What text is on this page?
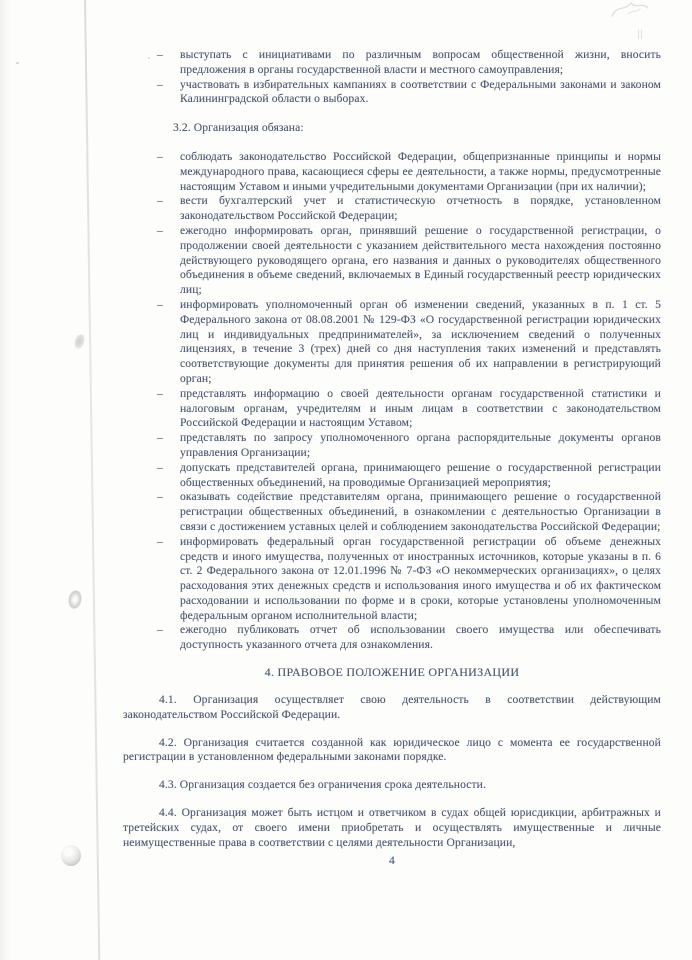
– выступать с инициативами по различным вопросам общественной жизни, вносить предложения в органы государственной власти и местного самоуправления;
– участвовать в избирательных кампаниях в соответствии с Федеральными законами и законом Калининградской области о выборах.

3.2. Организация обязана:

– соблюдать законодательство Российской Федерации, общепризнанные принципы и нормы международного права, касающиеся сферы ее деятельности, а также нормы, предусмотренные настоящим Уставом и иными учредительными документами Организации (при их наличии);
– вести бухгалтерский учет и статистическую отчетность в порядке, установленном законодательством Российской Федерации;
– ежегодно информировать орган, принявший решение о государственной регистрации, о продолжении своей деятельности с указанием действительного места нахождения постоянно действующего руководящего органа, его названия и данных о руководителях общественного объединения в объеме сведений, включаемых в Единый государственный реестр юридических лиц;
– информировать уполномоченный орган об изменении сведений, указанных в п. 1 ст. 5 Федерального закона от 08.08.2001 № 129-ФЗ «О государственной регистрации юридических лиц и индивидуальных предпринимателей», за исключением сведений о полученных лицензиях, в течение 3 (трех) дней со дня наступления таких изменений и представлять соответствующие документы для принятия решения об их направлении в регистрирующий орган;
– представлять информацию о своей деятельности органам государственной статистики и налоговым органам, учредителям и иным лицам в соответствии с законодательством Российской Федерации и настоящим Уставом;
– представлять по запросу уполномоченного органа распорядительные документы органов управления Организации;
– допускать представителей органа, принимающего решение о государственной регистрации общественных объединений, на проводимые Организацией мероприятия;
– оказывать содействие представителям органа, принимающего решение о государственной регистрации общественных объединений, в ознакомлении с деятельностью Организации в связи с достижением уставных целей и соблюдением законодательства Российской Федерации;
– информировать федеральный орган государственной регистрации об объеме денежных средств и иного имущества, полученных от иностранных источников, которые указаны в п. 6 ст. 2 Федерального закона от 12.01.1996 № 7-ФЗ «О некоммерческих организациях», о целях расходования этих денежных средств и использования иного имущества и об их фактическом расходовании и использовании по форме и в сроки, которые установлены уполномоченным федеральным органом исполнительной власти;
– ежегодно публиковать отчет об использовании своего имущества или обеспечивать доступность указанного отчета для ознакомления.
4. ПРАВОВОЕ ПОЛОЖЕНИЕ ОРГАНИЗАЦИИ

4.1. Организация осуществляет свою деятельность в соответствии действующим законодательством Российской Федерации.

4.2. Организация считается созданной как юридическое лицо с момента ее государственной регистрации в установленном федеральными законами порядке.

4.3. Организация создается без ограничения срока деятельности.

4.4. Организация может быть истцом и ответчиком в судах общей юрисдикции, арбитражных и третейских судах, от своего имени приобретать и осуществлять имущественные и личные неимущественные права в соответствии с целями деятельности Организации,

4
